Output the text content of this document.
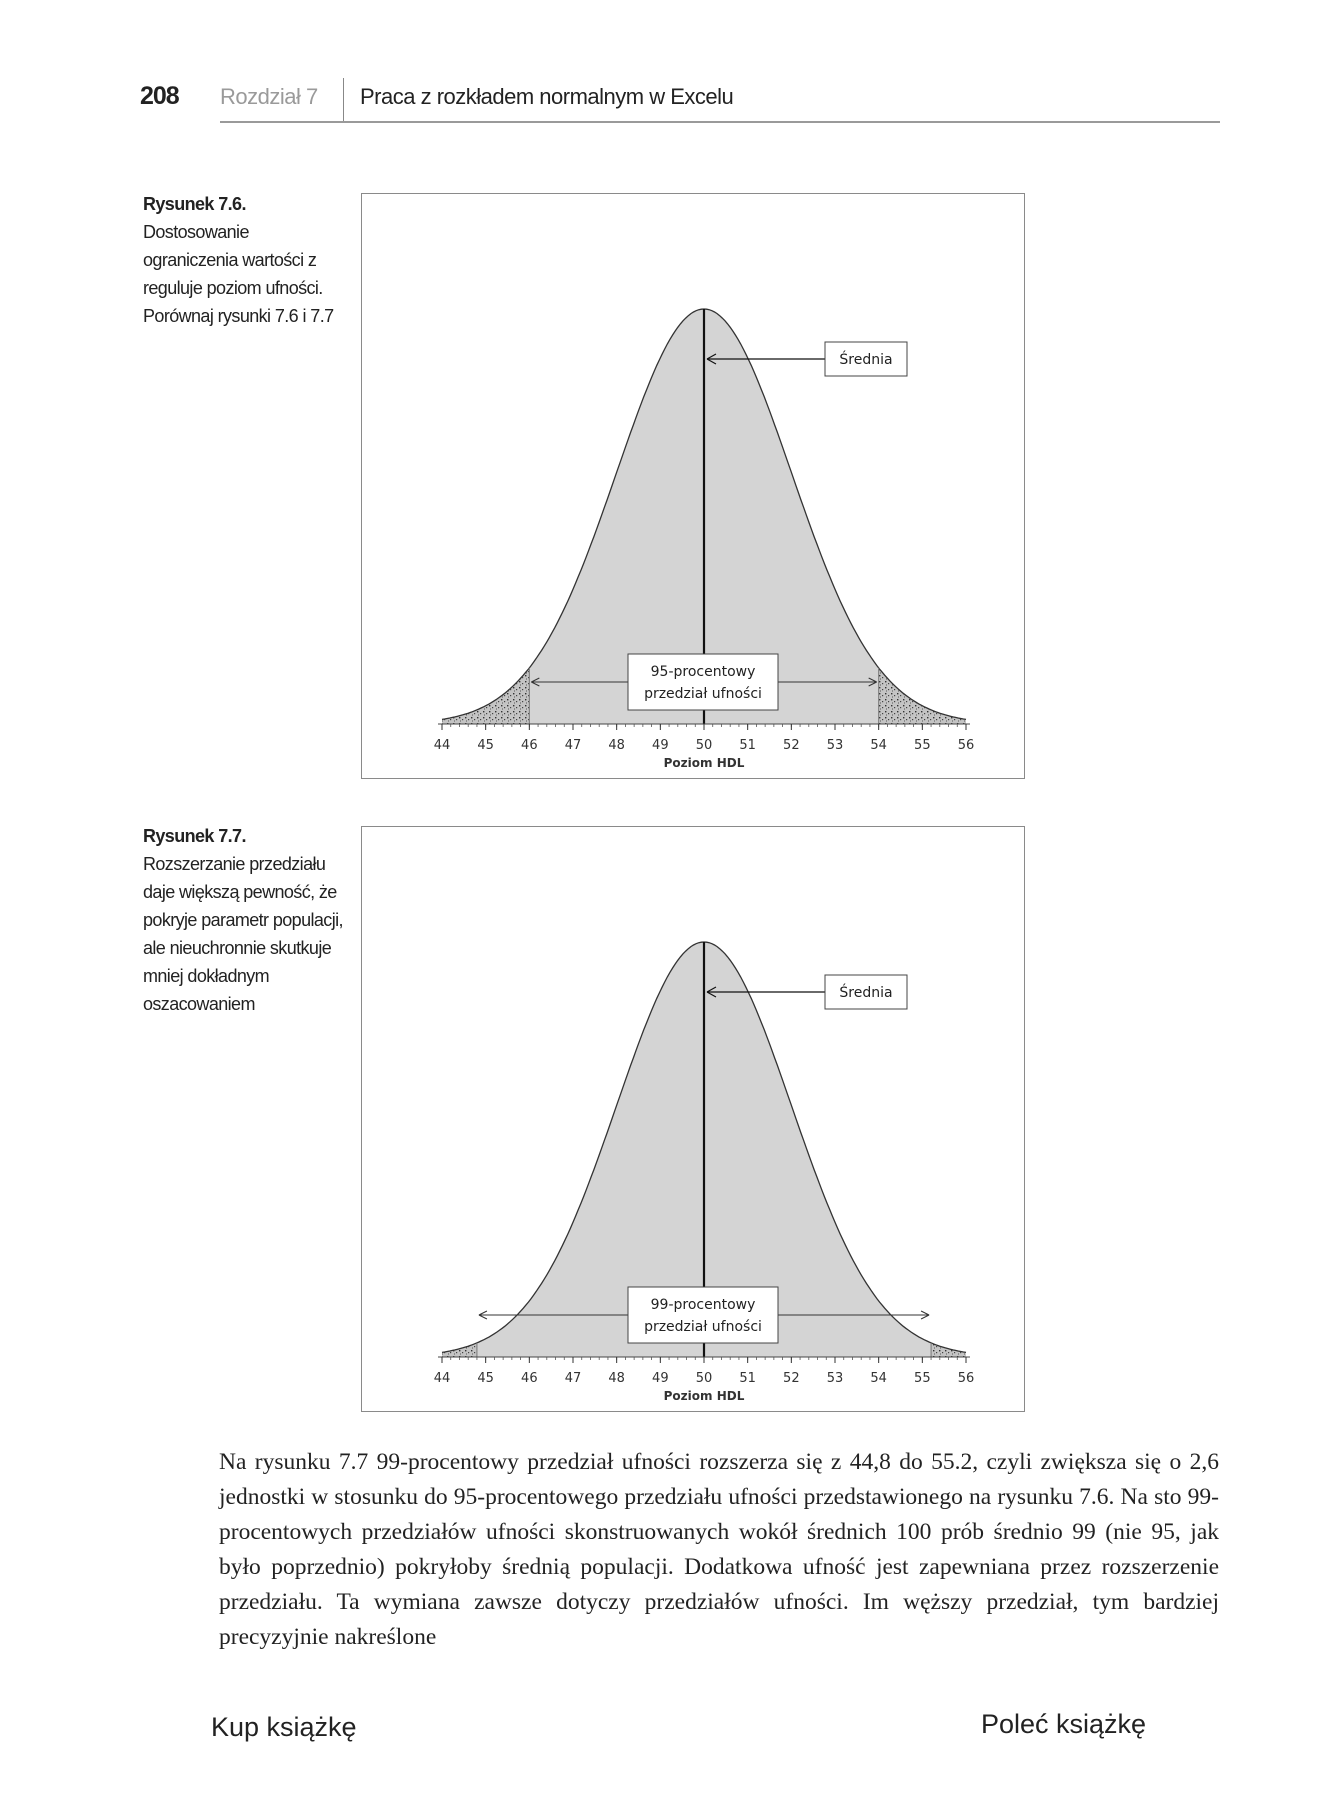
208 Rozdział 7 Praca z rozkładem normalnym w Excelu
Rysunek 7.6.
Dostosowanie ograniczenia wartości z reguluje poziom ufności. Porównaj rysunki 7.6 i 7.7
44 45 46 47 48 49 50 51 52 53 54 55 56
Poziom HDL
Średnia
95-procentowy
przedział ufności
Rysunek 7.7.
Rozszerzanie przedziału daje większą pewność, że pokryje parametr populacji, ale nieuchronnie skutkuje mniej dokładnym oszacowaniem
44 45 46 47 48 49 50 51 52 53 54 55 56
Poziom HDL
Średnia
99-procentowy
przedział ufności
Na rysunku 7.7 99-procentowy przedział ufności rozszerza się z 44,8 do 55.2, czyli zwiększa się o 2,6 jednostki w stosunku do 95-procentowego przedziału ufności przedstawionego na rysunku 7.6. Na sto 99-procentowych przedziałów ufności skonstruowanych wokół średnich 100 prób średnio 99 (nie 95, jak było poprzednio) pokryłoby średnią populacji. Dodatkowa ufność jest zapewniana przez rozszerzenie przedziału. Ta wymiana zawsze dotyczy przedziałów ufności. Im węższy przedział, tym bardziej precyzyjnie nakreślone
Kup książkę	Poleć książkę
